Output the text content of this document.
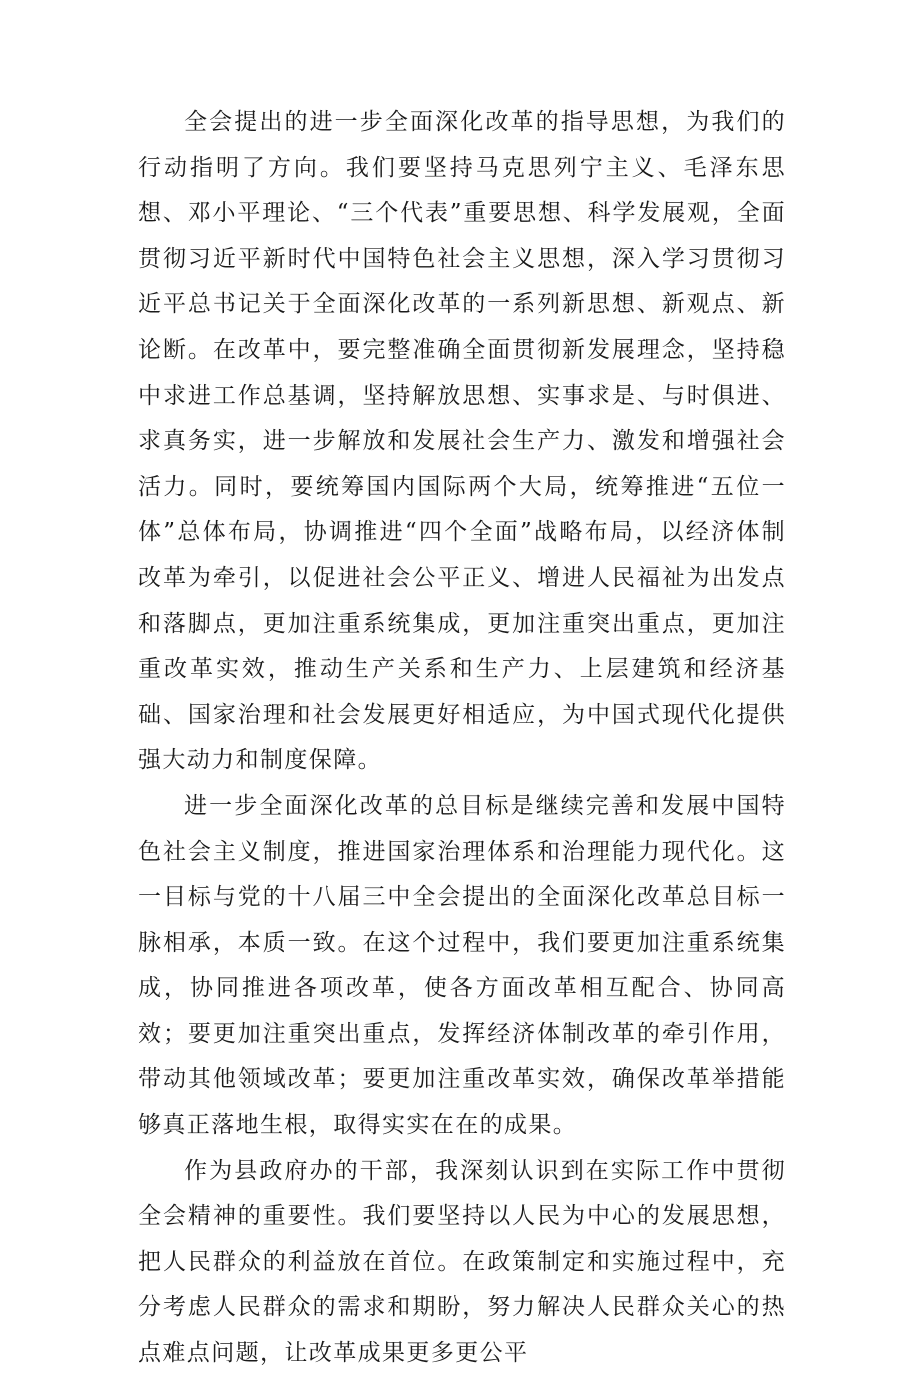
全会提出的进一步全面深化改革的指导思想，为我们的行动指明了方向。我们要坚持马克思列宁主义、毛泽东思想、邓小平理论、“三个代表”重要思想、科学发展观，全面贯彻习近平新时代中国特色社会主义思想，深入学习贯彻习近平总书记关于全面深化改革的一系列新思想、新观点、新论断。在改革中，要完整准确全面贯彻新发展理念，坚持稳中求进工作总基调，坚持解放思想、实事求是、与时俱进、求真务实，进一步解放和发展社会生产力、激发和增强社会活力。同时，要统筹国内国际两个大局，统筹推进“五位一体”总体布局，协调推进“四个全面”战略布局，以经济体制改革为牵引，以促进社会公平正义、增进人民福祉为出发点和落脚点，更加注重系统集成，更加注重突出重点，更加注重改革实效，推动生产关系和生产力、上层建筑和经济基础、国家治理和社会发展更好相适应，为中国式现代化提供强大动力和制度保障。

进一步全面深化改革的总目标是继续完善和发展中国特色社会主义制度，推进国家治理体系和治理能力现代化。这一目标与党的十八届三中全会提出的全面深化改革总目标一脉相承，本质一致。在这个过程中，我们要更加注重系统集成，协同推进各项改革，使各方面改革相互配合、协同高效；要更加注重突出重点，发挥经济体制改革的牵引作用，带动其他领域改革；要更加注重改革实效，确保改革举措能够真正落地生根，取得实实在在的成果。

作为县政府办的干部，我深刻认识到在实际工作中贯彻全会精神的重要性。我们要坚持以人民为中心的发展思想，把人民群众的利益放在首位。在政策制定和实施过程中，充分考虑人民群众的需求和期盼，努力解决人民群众关心的热点难点问题，让改革成果更多更公平
